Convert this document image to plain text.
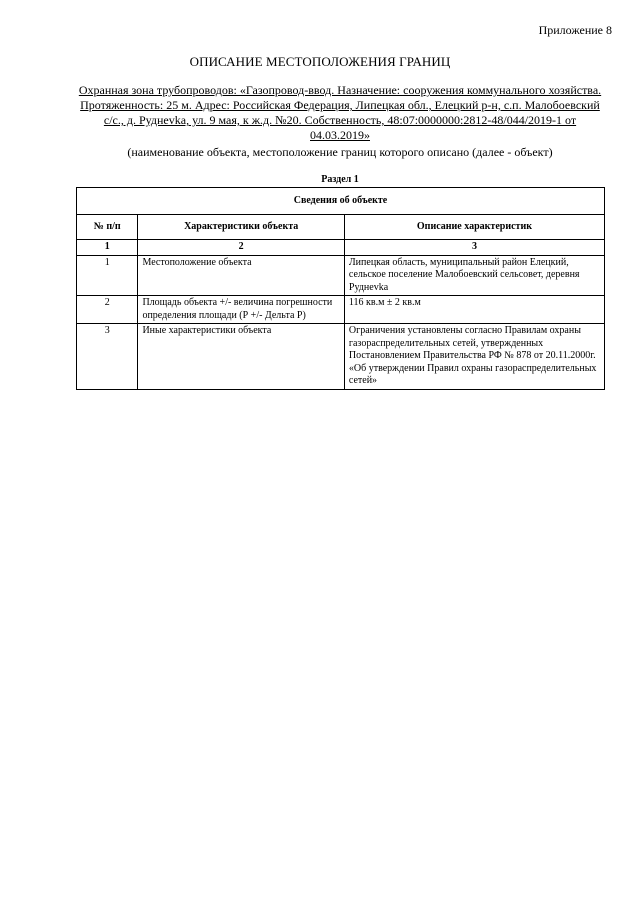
Приложение 8
ОПИСАНИЕ МЕСТОПОЛОЖЕНИЯ ГРАНИЦ
Охранная зона трубопроводов: «Газопровод-ввод. Назначение: сооружения коммунального хозяйства. Протяженность: 25 м. Адрес: Российская Федерация, Липецкая обл., Елецкий р-н, с.п. Малобоевский с/с., д. Руднevka, ул. 9 мая, к ж.д. №20. Собственность, 48:07:0000000:2812-48/044/2019-1 от 04.03.2019»
(наименование объекта, местоположение границ которого описано (далее - объект)
Раздел 1
Сведения об объекте		
№ п/п	Характеристики объекта	Описание характеристик
1	2	3
1	Местоположение объекта	Липецкая область, муниципальный район Елецкий, сельское поселение Малобоевский сельсовет, деревня Руднevka
2	Площадь объекта +/- величина погрешности определения площади (Р +/- Дельта Р)	116 кв.м ± 2 кв.м
3	Иные характеристики объекта	Ограничения установлены согласно Правилам охраны газораспределительных сетей, утвержденных Постановлением Правительства РФ № 878 от 20.11.2000г. «Об утверждении Правил охраны газораспределительных сетей»
